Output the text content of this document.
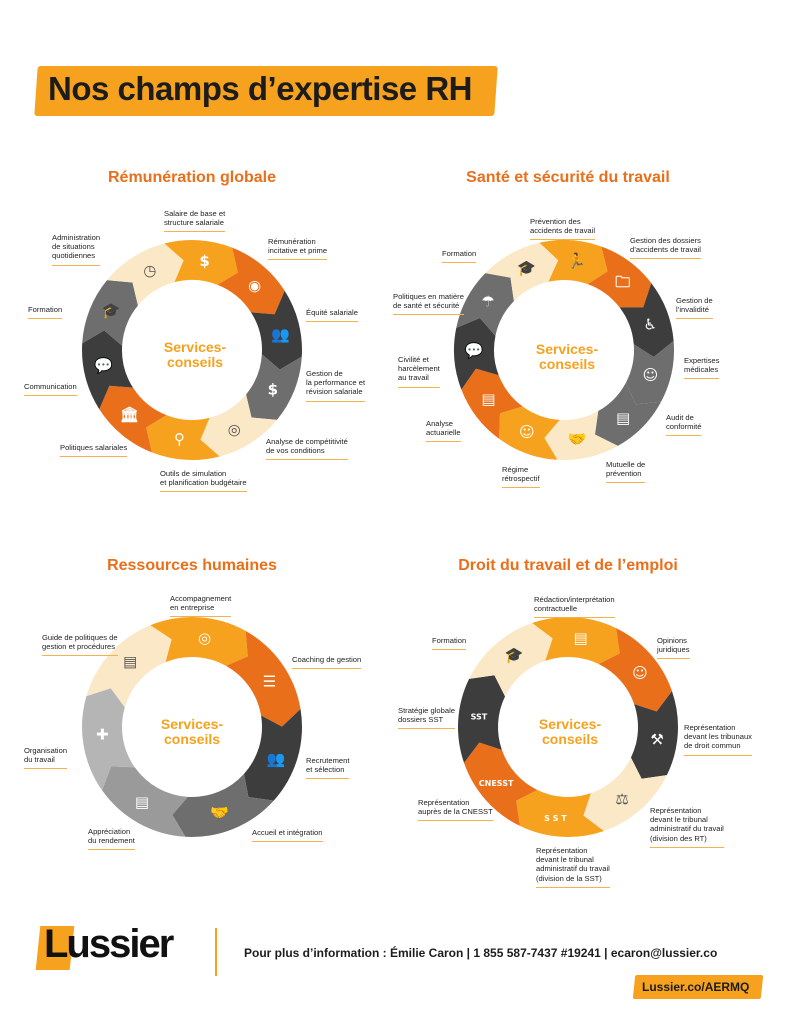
Nos champs d’expertise RH
Rémunération globale	Santé et sécurité du travail
Ressources humaines	Droit du travail et de l’emploi
$
◉
👥
$
◎
⚲
🏛
💬
🎓
◷
🏃
🗀
♿
☺
▤
🤝
☺
▤
💬
☂
🎓
◎
☰
👥
🤝
▤
✚
▤
▤
☺
⚒
⚖
S S T
CNESST
SST
🎓
Services-
conseils
Services-
conseils
Services-
conseils
Services-
conseils
Salaire de base et
structure salariale
Rémunération
incitative et prime
Équité salariale
Gestion de
la performance et
révision salariale
Analyse de compétitivité
de vos conditions
Outils de simulation
et planification budgétaire
Politiques salariales
Communication
Formation
Administration
de situations
quotidiennes
Prévention des
accidents de travail
Gestion des dossiers
d’accidents de travail
Gestion de
l’invalidité
Expertises
médicales
Audit de
conformité
Mutuelle de
prévention
Régime
rétrospectif
Analyse
actuarielle
Civilité et
harcèlement
au travail
Politiques en matière
de santé et sécurité
Formation
Accompagnement
en entreprise
Coaching de gestion
Recrutement
et sélection
Accueil et intégration
Appréciation
du rendement
Organisation
du travail
Guide de politiques de
gestion et procédures
Rédaction/interprétation
contractuelle
Opinions
juridiques
Représentation
devant les tribunaux
de droit commun
Représentation
devant le tribunal
administratif du travail
(division des RT)
Représentation
devant le tribunal
administratif du travail
(division de la SST)
Représentation
auprès de la CNESST
Stratégie globale
dossiers SST
Formation
Lussier	Pour plus d’information : Émilie Caron | 1 855 587-7437 #19241 | ecaron@lussier.co
Lussier.co/AERMQ
